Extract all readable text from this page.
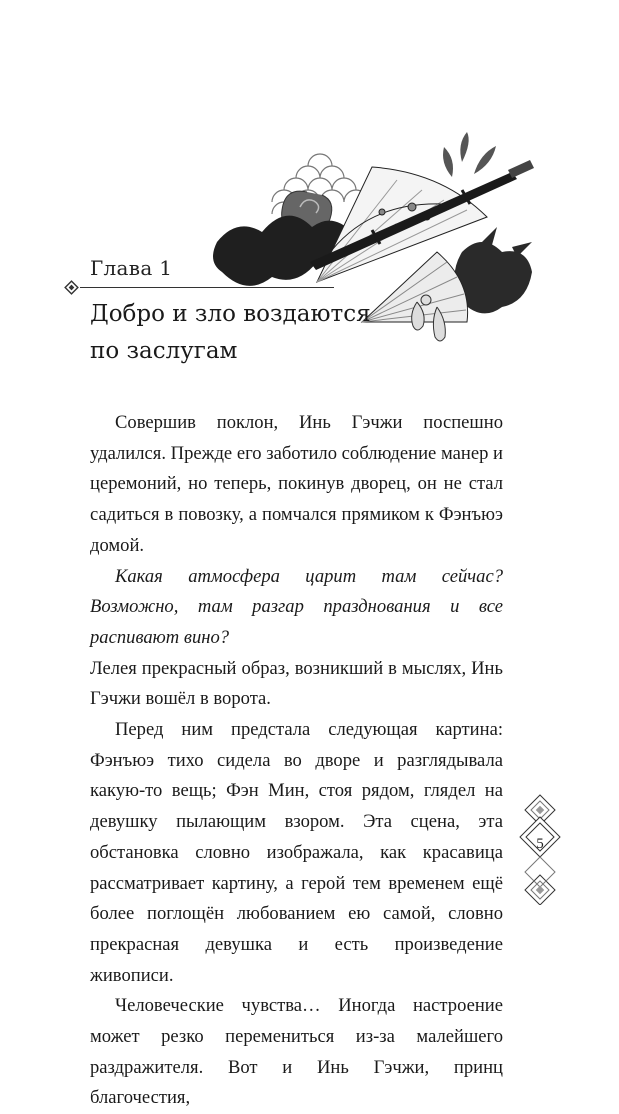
Глава 1
Добро и зло воздаются
по заслугам

Совершив поклон, Инь Гэчжи поспешно удалился. Прежде его заботило соблюдение манер и церемоний, но теперь, покинув дворец, он не стал садиться в повозку, а помчался прямиком к Фэнъюэ домой.

Какая атмосфера царит там сейчас? Возможно, там разгар празднования и все распивают вино?

Лелея прекрасный образ, возникший в мыслях, Инь Гэчжи вошёл в ворота.

Перед ним предстала следующая картина: Фэнъюэ тихо сидела во дворе и разглядывала какую-то вещь; Фэн Мин, стоя рядом, глядел на девушку пылающим взором. Эта сцена, эта обстановка словно изображала, как красавица рассматривает картину, а герой тем временем ещё более поглощён любованием ею самой, словно прекрасная девушка и есть произведение живописи.

Человеческие чувства… Иногда настроение может резко перемениться из-за малейшего раздражителя. Вот и Инь Гэчжи, принц благочестия,

5
